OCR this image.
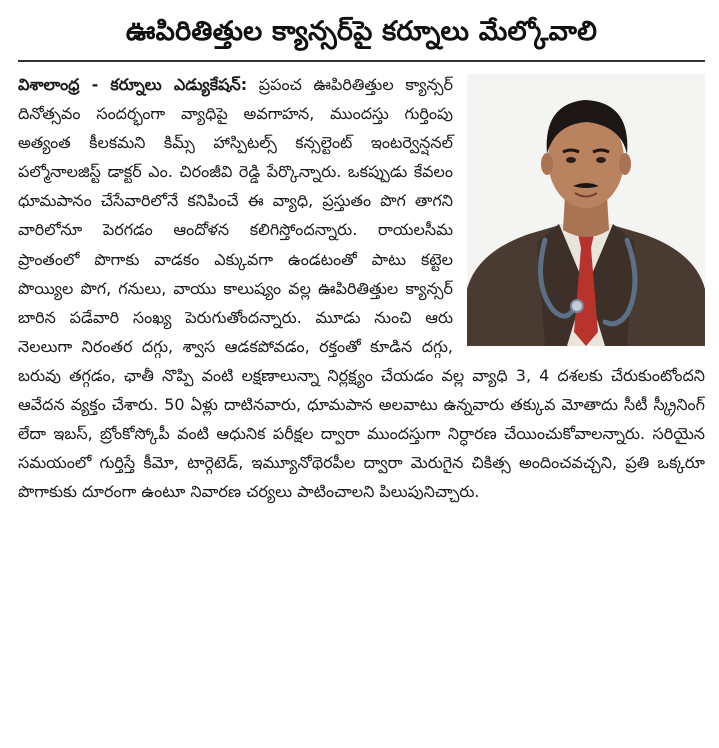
ఊపిరితిత్తుల క్యాన్సర్‌పై కర్నూలు మేల్కోవాలి

విశాలాంధ్ర - కర్నూలు ఎడ్యుకేషన్: ప్రపంచ ఊపిరితిత్తుల క్యాన్సర్ దినోత్సవం సందర్భంగా వ్యాధిపై అవగాహన, ముందస్తు గుర్తింపు అత్యంత కీలకమని కిమ్స్ హాస్పిటల్స్ కన్సల్టెంట్ ఇంటర్వెన్షనల్ పల్మోనాలజిస్ట్ డాక్టర్ ఎం. చిరంజీవి రెడ్డి పేర్కొన్నారు. ఒకప్పుడు కేవలం ధూమపానం చేసేవారిలోనే కనిపించే ఈ వ్యాధి, ప్రస్తుతం పొగ తాగని వారిలోనూ పెరగడం ఆందోళన కలిగిస్తోందన్నారు. రాయలసీమ ప్రాంతంలో పొగాకు వాడకం ఎక్కువగా ఉండటంతో పాటు కట్టెల పొయ్యిల పొగ, గనులు, వాయు కాలుష్యం వల్ల ఊపిరితిత్తుల క్యాన్సర్ బారిన పడేవారి సంఖ్య పెరుగుతోందన్నారు. మూడు నుంచి ఆరు నెలలుగా నిరంతర దగ్గు, శ్వాస ఆడకపోవడం, రక్తంతో కూడిన దగ్గు, బరువు తగ్గడం, ఛాతీ నొప్పి వంటి లక్షణాలున్నా నిర్లక్ష్యం చేయడం వల్ల వ్యాధి 3, 4 దశలకు చేరుకుంటోందని ఆవేదన వ్యక్తం చేశారు. 50 ఏళ్లు దాటినవారు, ధూమపాన అలవాటు ఉన్నవారు తక్కువ మోతాదు సీటీ స్క్రీనింగ్ లేదా ఇబస్, బ్రోంకోస్కోపీ వంటి ఆధునిక పరీక్షల ద్వారా ముందస్తుగా నిర్ధారణ చేయించుకోవాలన్నారు. సరియైన సమయంలో గుర్తిస్తే కీమో, టార్గెటెడ్, ఇమ్యూనోథెరపీల ద్వారా మెరుగైన చికిత్స అందించవచ్చని, ప్రతి ఒక్కరూ పొగాకుకు దూరంగా ఉంటూ నివారణ చర్యలు పాటించాలని పిలుపునిచ్చారు.
